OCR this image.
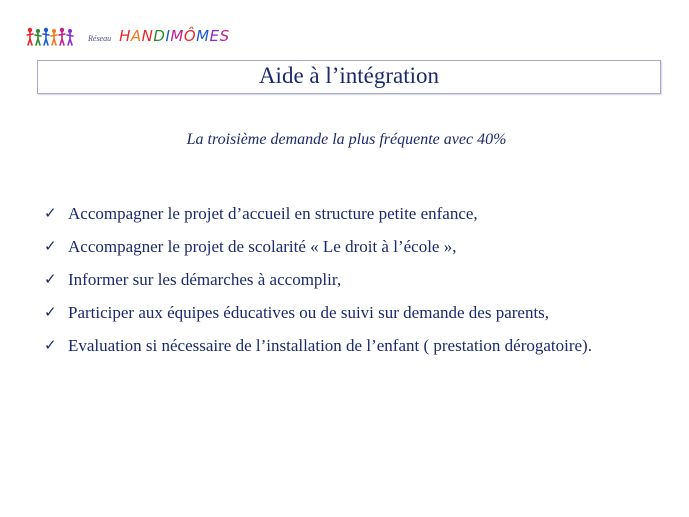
Réseau HANDIMÔMES
Aide à l’intégration
La troisième demande la plus fréquente avec 40%
✓ Accompagner le projet d’accueil en structure petite enfance,
✓ Accompagner le projet de scolarité « Le droit à l’école »,
✓ Informer sur les démarches à accomplir,
✓ Participer aux équipes éducatives ou de suivi sur demande des parents,
✓ Evaluation si nécessaire de l’installation de l’enfant ( prestation dérogatoire).
